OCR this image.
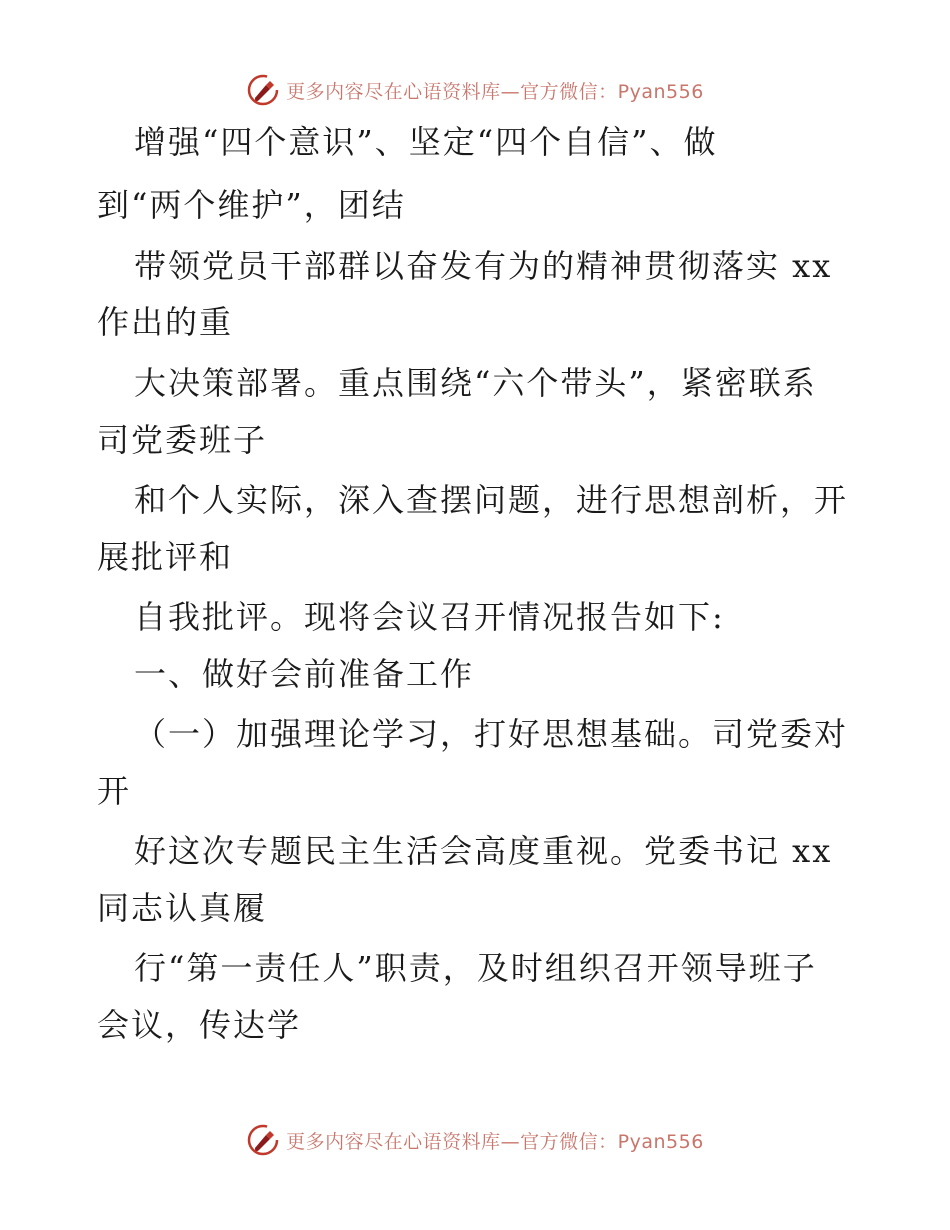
更多内容尽在心语资料库—官方微信：Pyan556
增强“四个意识”、坚定“四个自信”、做
到“两个维护”，团结
带领党员干部群以奋发有为的精神贯彻落实 xx
作出的重
大决策部署。重点围绕“六个带头”，紧密联系
司党委班子
和个人实际，深入查摆问题，进行思想剖析，开
展批评和
自我批评。现将会议召开情况报告如下:
一、做好会前准备工作
（一）加强理论学习，打好思想基础。司党委对
开
好这次专题民主生活会高度重视。党委书记 xx
同志认真履
行“第一责任人”职责，及时组织召开领导班子
会议，传达学
更多内容尽在心语资料库—官方微信：Pyan556
